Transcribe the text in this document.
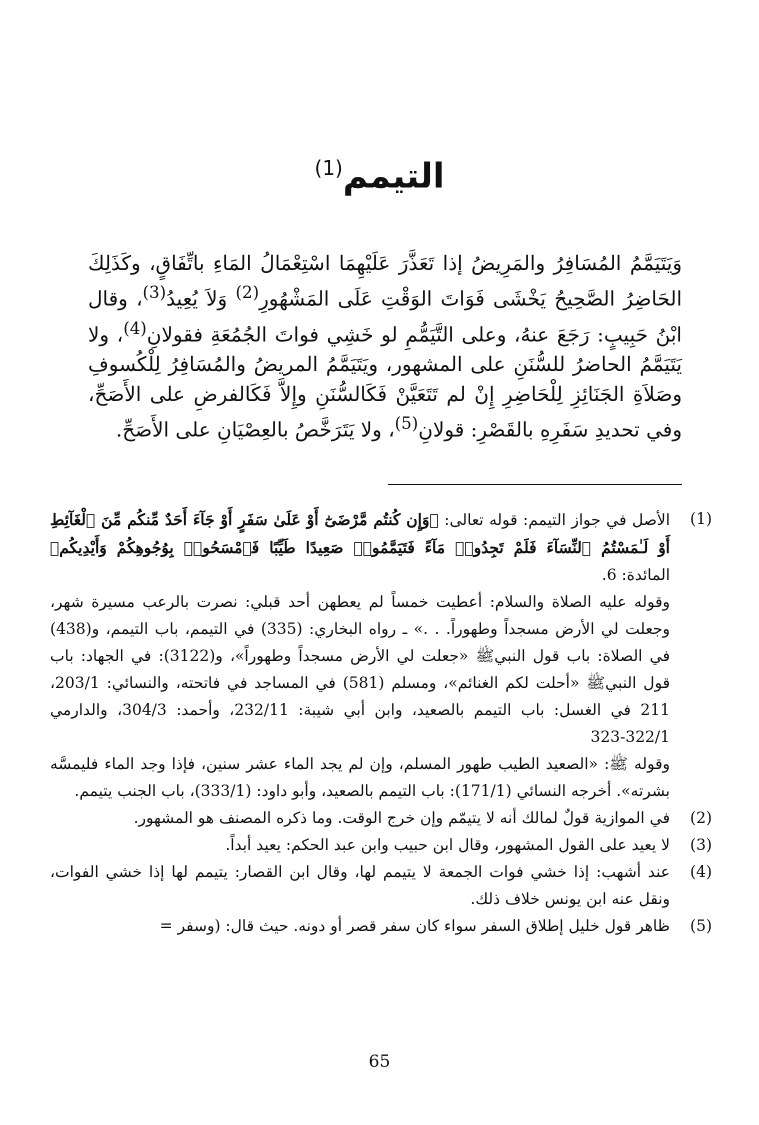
التيمم$^{(1)}$

وَيَتَيَمَّمُ المُسَافِرُ والمَرِيضُ إذا تَعَذَّرَ عَلَيْهِمَا اسْتِعْمَالُ المَاءِ باتِّفَاقٍ، وكَذَلِكَ الحَاضِرُ الصَّحِيحُ يَخْشَى فَوَاتَ الوَقْتِ عَلَى المَشْهُورِ$^{(2)}$ وَلاَ يُعِيدُ$^{(3)}$، وقال ابْنُ حَبِيبٍ: رَجَعَ عنهُ، وعلى التَّيَمُّمِ لو خَشِي فواتَ الجُمُعَةِ فقولانِ$^{(4)}$، ولا يَتَيَمَّمُ الحاضرُ للسُّنَنِ على المشهور، ويَتَيَمَّمُ المريضُ والمُسَافِرُ لِلْكُسوفِ وصَلاَةِ الجَنَائِزِ لِلْحَاضِرِ إِنْ لم تَتَعَيَّنْ فَكَالسُّنَنِ وإِلاَّ فَكَالفرضِ على الأَصَحِّ، وفي تحديدِ سَفَرِهِ بالقَصْرِ: قولانِ$^{(5)}$، ولا يَتَرَخَّصُ بالعِصْيَانِ على الأَصَحِّ.

(1)

الأصل في جواز التيمم: قوله تعالى: ﴿وَإِن كُنتُم مَّرْضَىٰٓ أَوْ عَلَىٰ سَفَرٍ أَوْ جَآءَ أَحَدٌ مِّنكُم مِّنَ ٱلْغَآئِطِ أَوْ لَـٰمَسْتُمُ ٱلنِّسَآءَ فَلَمْ تَجِدُوا۟ مَآءً فَتَيَمَّمُوا۟ صَعِيدًا طَيِّبًا فَٱمْسَحُوا۟ بِوُجُوهِكُمْ وَأَيْدِيكُم﴾ المائدة: 6.

وقوله عليه الصلاة والسلام: أعطيت خمساً لم يعطهن أحد قبلي: نصرت بالرعب مسيرة شهر، وجعلت لي الأرض مسجداً وطهوراً. . .» ـ رواه البخاري: (335) في التيمم، باب التيمم، و(438) في الصلاة: باب قول النبيﷺ «جعلت لي الأرض مسجداً وطهوراً»، و(3122): في الجهاد: باب قول النبيﷺ «أحلت لكم الغنائم»، ومسلم (581) في المساجد في فاتحته، والنسائي: 203/1، 211 في الغسل: باب التيمم بالصعيد، وابن أبي شيبة: 232/11، وأحمد: 304/3، والدارمي 322/1-323

وقوله ﷺ: «الصعيد الطيب طهور المسلم، وإن لم يجد الماء عشر سنين، فإذا وجد الماء فليمسَّه بشرته». أخرجه النسائي (171/1): باب التيمم بالصعيد، وأبو داود: (333/1)، باب الجنب يتيمم.

(2)
في الموازية قولٌ لمالك أنه لا يتيمّم وإن خرج الوقت. وما ذكره المصنف هو المشهور.
(3)
لا يعيد على القول المشهور، وقال ابن حبيب وابن عبد الحكم: يعيد أبداً.
(4)
عند أشهب: إذا خشي فوات الجمعة لا يتيمم لها، وقال ابن القصار: يتيمم لها إذا خشي الفوات، ونقل عنه ابن يونس خلاف ذلك.
(5)
ظاهر قول خليل إطلاق السفر سواء كان سفر قصر أو دونه. حيث قال: (وسفر =
65
